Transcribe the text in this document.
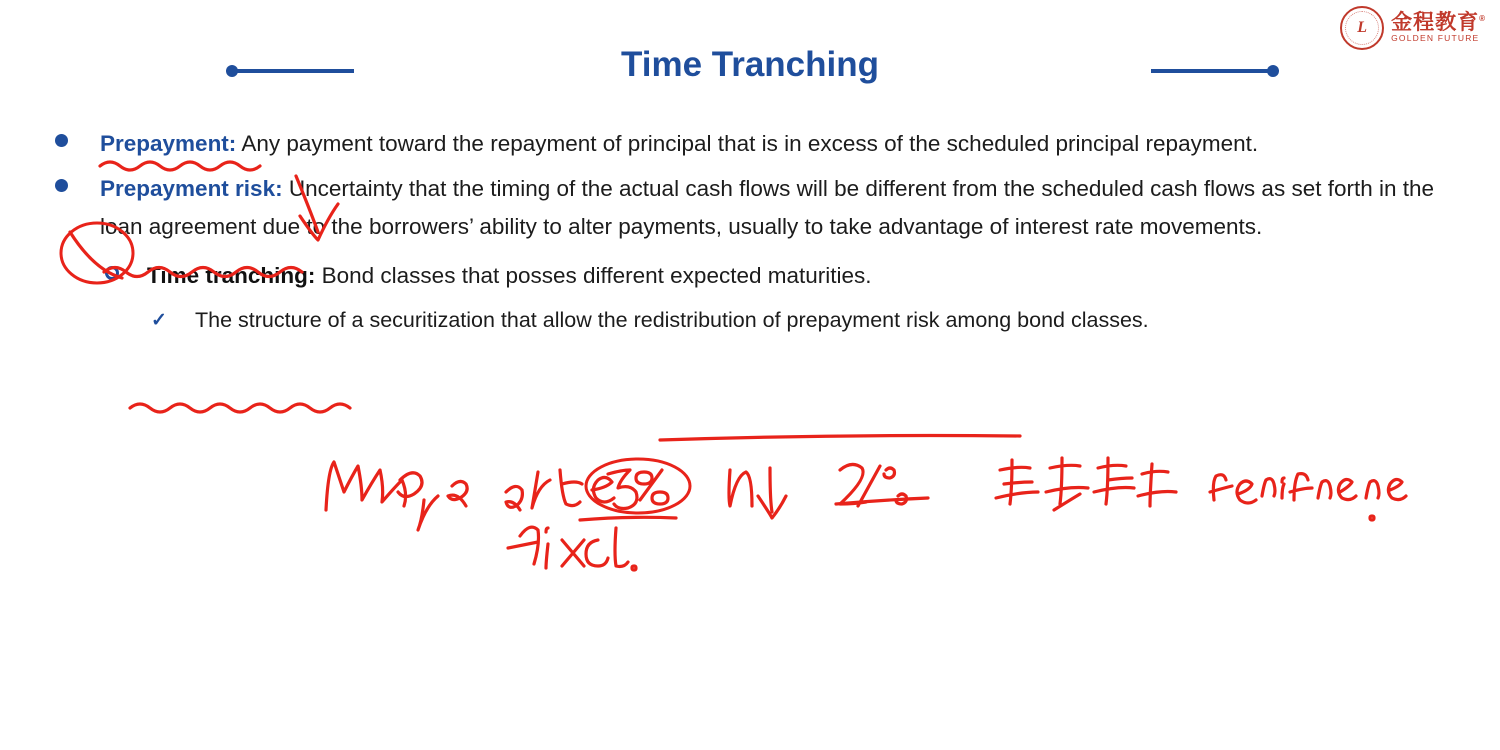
L 金程教育®
GOLDEN FUTURE
Time Tranching
Prepayment: Any payment toward the repayment of principal that is in excess of the scheduled principal repayment.
Prepayment risk: Uncertainty that the timing of the actual cash flows will be different from the scheduled cash flows as set forth in the loan agreement due to the borrowers’ ability to alter payments, usually to take advantage of interest rate movements.
Time tranching: Bond classes that posses different expected maturities.
✓ The structure of a securitization that allow the redistribution of prepayment risk among bond classes.
